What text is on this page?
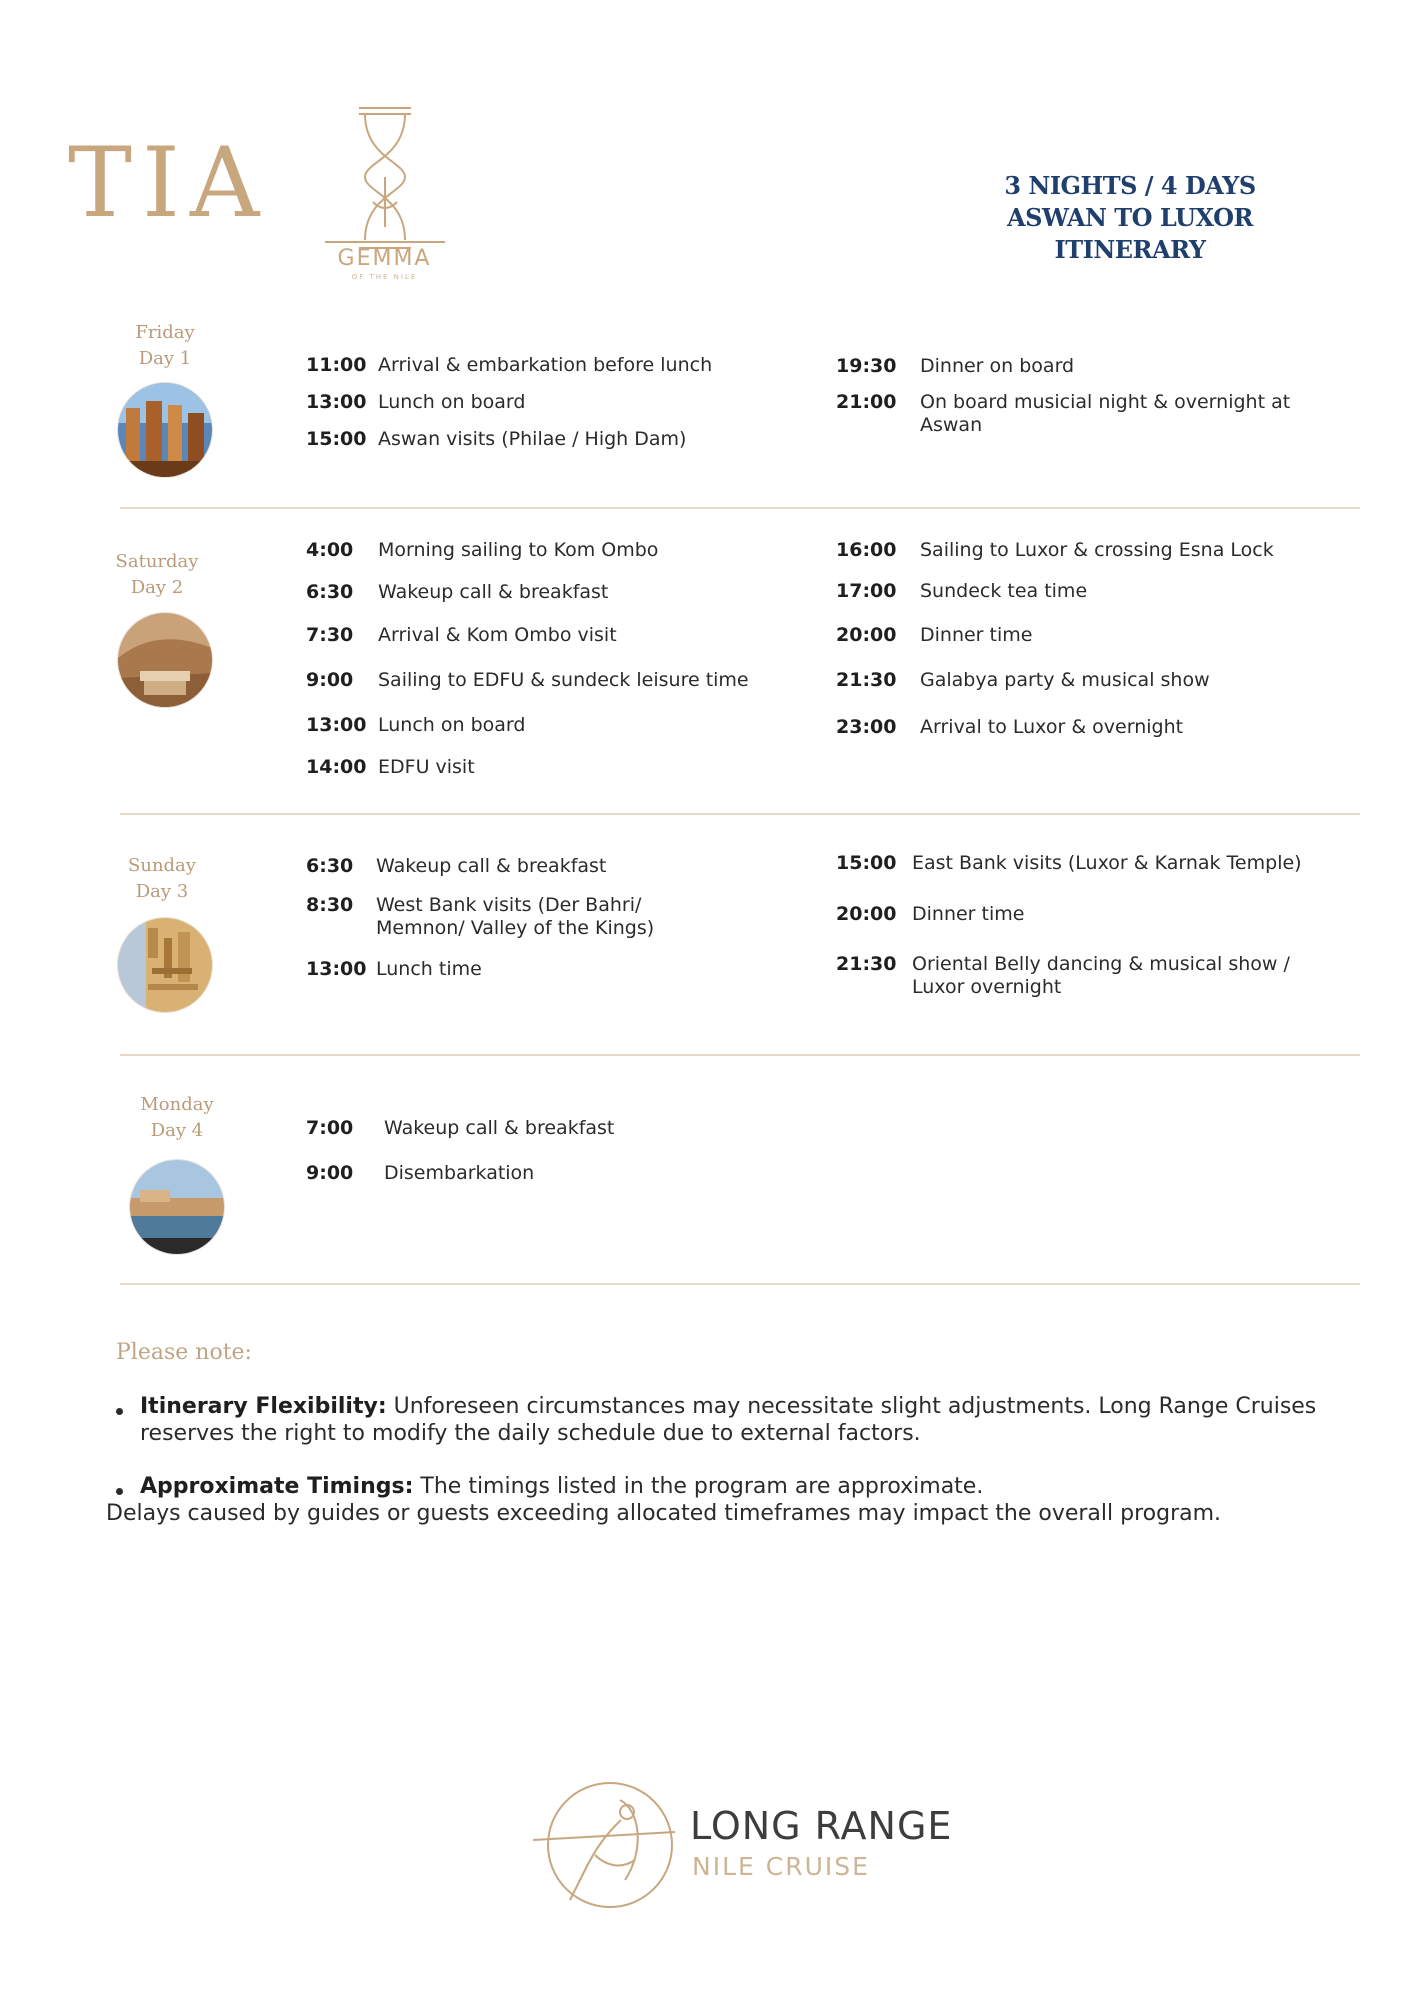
TIA
GEMMA
OF THE NILE
3 NIGHTS / 4 DAYS
ASWAN TO LUXOR ITINERARY
Friday
Day 1	11:00 Arrival & embarkation before lunch
13:00 Lunch on board
15:00 Aswan visits (Philae / High Dam)
19:30	Dinner on board
21:00	On board musicial night & overnight at Aswan
Saturday
Day 2
4:00	Morning sailing to Kom Ombo
6:30	Wakeup call & breakfast
7:30	Arrival & Kom Ombo visit
9:00	Sailing to EDFU & sundeck leisure time
13:00 Lunch on board
14:00 EDFU visit
16:00	Sailing to Luxor & crossing Esna Lock
17:00	Sundeck tea time
20:00	Dinner time
21:30	Galabya party & musical show
23:00	Arrival to Luxor & overnight
Sunday
Day 3
6:30	Wakeup call & breakfast
8:30	West Bank visits (Der Bahri/ Memnon/ Valley of the Kings)
13:00 Lunch time
15:00 East Bank visits (Luxor & Karnak Temple)
20:00 Dinner time
21:30 Oriental Belly dancing & musical show / Luxor overnight
Monday
Day 4	7:00	Wakeup call & breakfast
9:00	Disembarkation
Please note:
Itinerary Flexibility: Unforeseen circumstances may necessitate slight adjustments. Long Range Cruises reserves the right to modify the daily schedule due to external factors.
Approximate Timings: The timings listed in the program are approximate.
Delays caused by guides or guests exceeding allocated timeframes may impact the overall program.
LONG RANGE
NILE CRUISE
